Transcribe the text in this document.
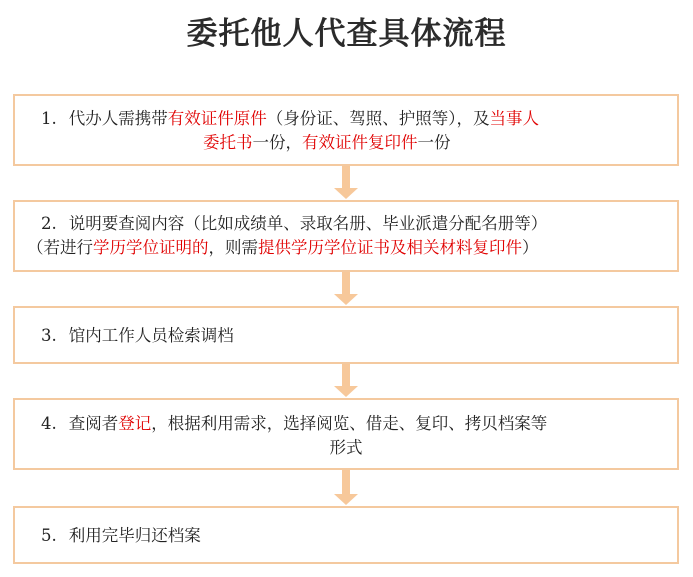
委托他人代查具体流程
1. 代办人需携带有效证件原件（身份证、驾照、护照等），及当事人
委托书一份，有效证件复印件一份
2. 说明要查阅内容（比如成绩单、录取名册、毕业派遣分配名册等）
（若进行学历学位证明的，则需提供学历学位证书及相关材料复印件）
3. 馆内工作人员检索调档
4. 查阅者登记，根据利用需求，选择阅览、借走、复印、拷贝档案等
形式
5. 利用完毕归还档案
